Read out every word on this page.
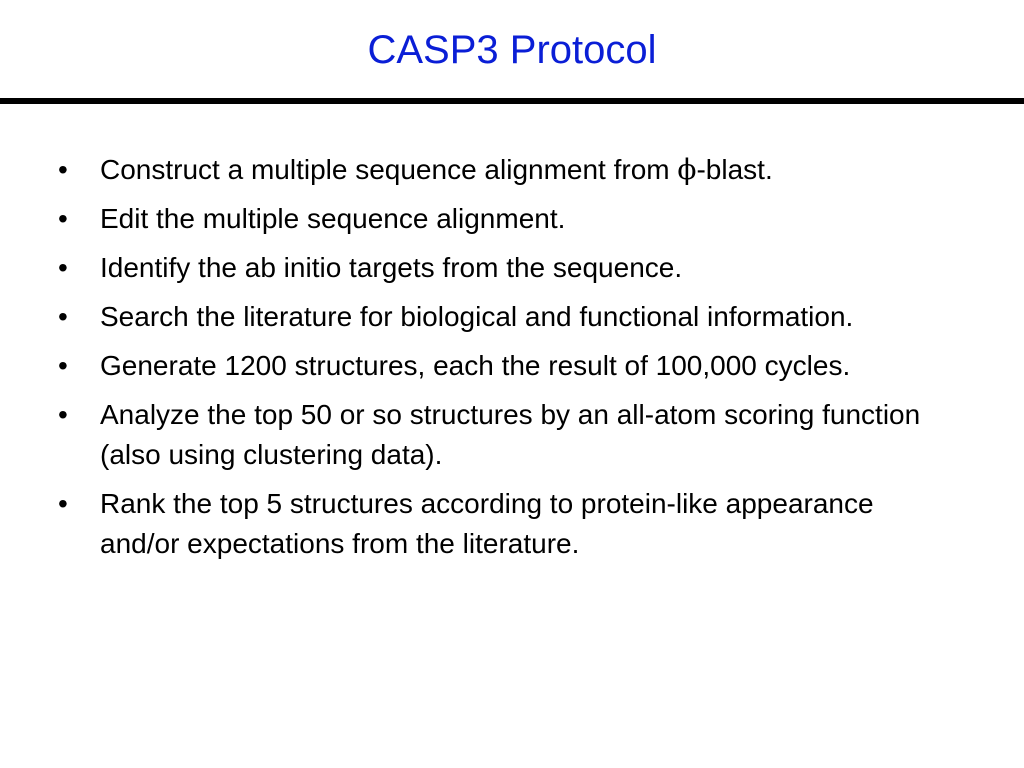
CASP3 Protocol
•	Construct a multiple sequence alignment from ϕ-blast.
•	Edit the multiple sequence alignment.
•	Identify the ab initio targets from the sequence.
•	Search the literature for biological and functional information.
•	Generate 1200 structures, each the result of 100,000 cycles.
•	Analyze the top 50 or so structures by an all-atom scoring function (also using clustering data).
•	Rank the top 5 structures according to protein-like appearance and/or expectations from the literature.
